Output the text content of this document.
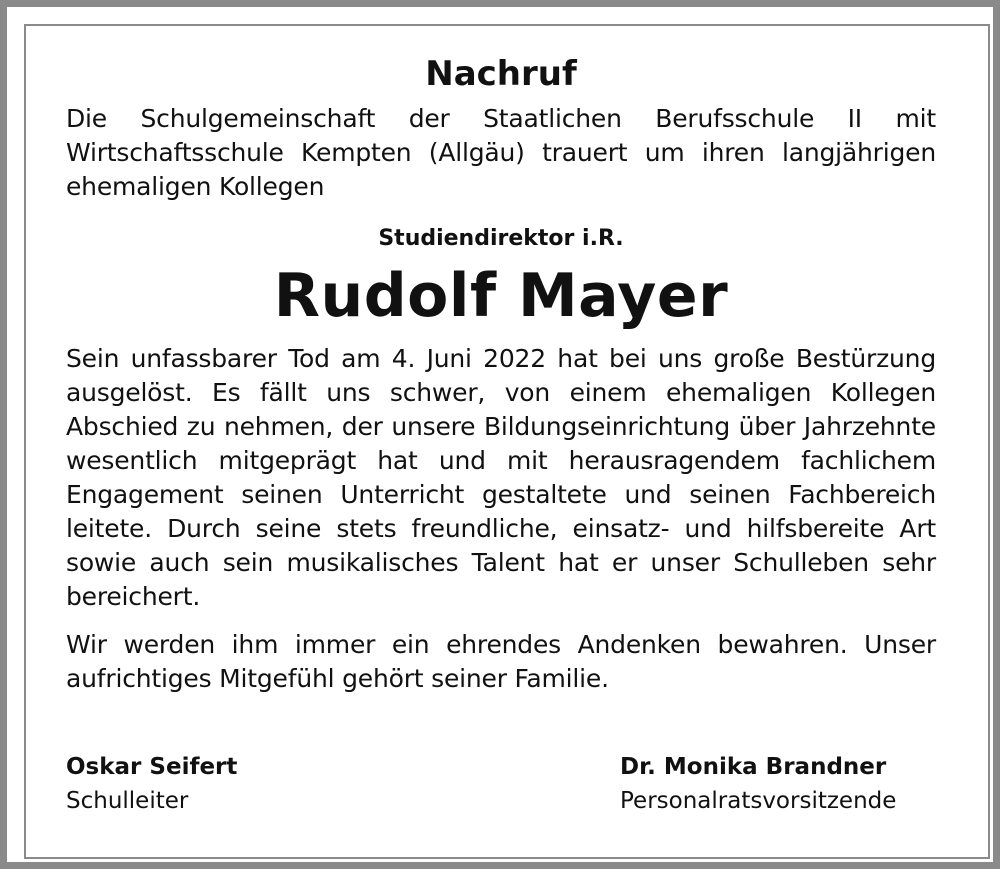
Nachruf

Die Schulgemeinschaft der Staatlichen Berufsschule II mit Wirtschaftsschule Kempten (Allgäu) trauert um ihren langjährigen ehemaligen Kollegen

Studiendirektor i.R.
Rudolf Mayer

Sein unfassbarer Tod am 4. Juni 2022 hat bei uns große Bestürzung ausgelöst. Es fällt uns schwer, von einem ehemaligen Kollegen Abschied zu nehmen, der unsere Bildungseinrichtung über Jahrzehnte wesentlich mitgeprägt hat und mit herausragendem fachlichem Engagement seinen Unterricht gestaltete und seinen Fachbereich leitete. Durch seine stets freundliche, einsatz- und hilfsbereite Art sowie auch sein musikalisches Talent hat er unser Schulleben sehr bereichert.

Wir werden ihm immer ein ehrendes Andenken bewahren. Unser aufrichtiges Mitgefühl gehört seiner Familie.

Oskar Seifert
Schulleiter
Dr. Monika Brandner
Personalratsvorsitzende
